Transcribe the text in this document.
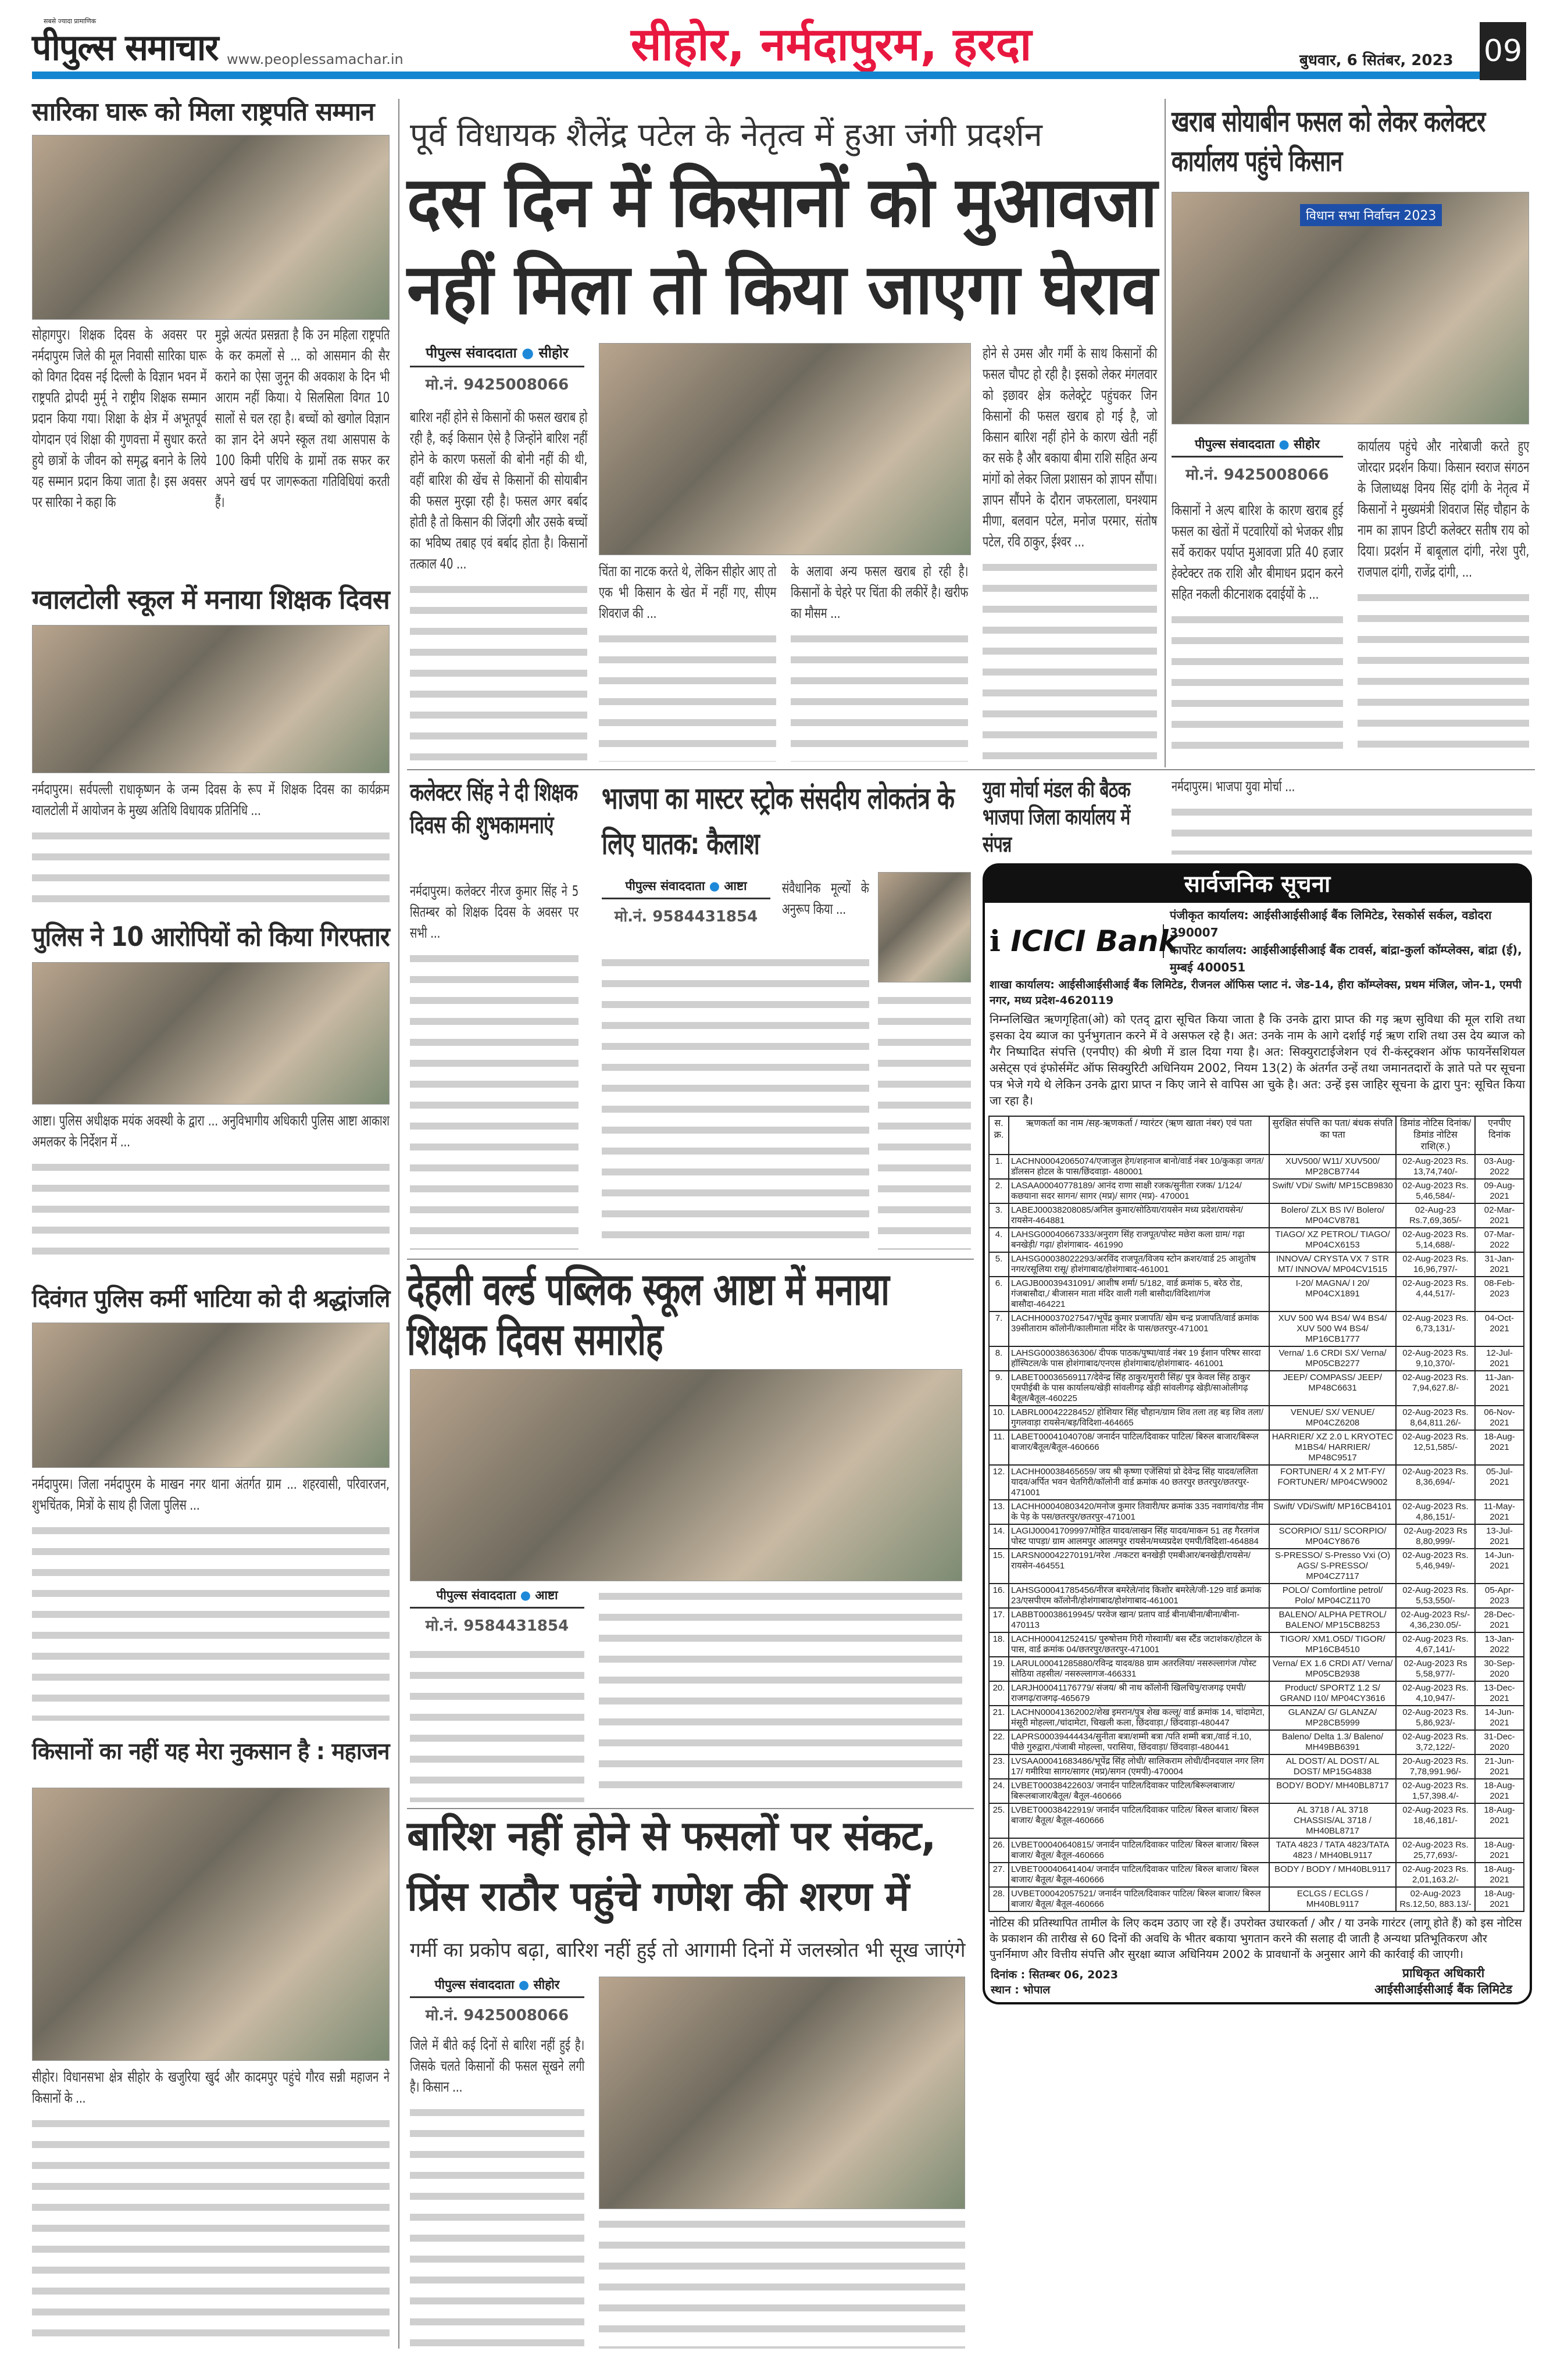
सबसे ज्यादा प्रामाणिक
पीपुल्स समाचार www.peoplessamachar.in	सीहोर, नर्मदापुरम, हरदा	बुधवार, 6 सितंबर, 2023 09
सारिका घारू को मिला राष्ट्रपति सम्मान
सोहागपुर। शिक्षक दिवस के अवसर पर नर्मदापुरम जिले की मूल निवासी सारिका घारू को विगत दिवस नई दिल्ली के विज्ञान भवन में राष्ट्रपति द्रोपदी मुर्मू ने राष्ट्रीय शिक्षक सम्मान प्रदान किया गया। शिक्षा के क्षेत्र में अभूतपूर्व योगदान एवं शिक्षा की गुणवत्ता में सुधार करते हुये छात्रों के जीवन को समृद्ध बनाने के लिये यह सम्मान प्रदान किया जाता है। इस अवसर पर सारिका ने कहा कि
मुझे अत्यंत प्रसन्नता है कि उन महिला राष्ट्रपति के कर कमलों से ... को आसमान की सैर कराने का ऐसा जुनून की अवकाश के दिन भी आराम नहीं किया। ये सिलसिला विगत 10 सालों से चल रहा है। बच्चों को खगोल विज्ञान का ज्ञान देने अपने स्कूल तथा आसपास के 100 किमी परिधि के ग्रामों तक सफर कर अपने खर्च पर जागरूकता गतिविधियां करती हैं।
ग्वालटोली स्कूल में मनाया शिक्षक दिवस
नर्मदापुरम। सर्वपल्ली राधाकृष्णन के जन्म दिवस के रूप में शिक्षक दिवस का कार्यक्रम ग्वालटोली में आयोजन के मुख्य अतिथि विधायक प्रतिनिधि ...
पुलिस ने 10 आरोपियों को किया गिरफ्तार
आष्टा। पुलिस अधीक्षक मयंक अवस्थी के द्वारा ... अनुविभागीय अधिकारी पुलिस आष्टा आकाश अमलकर के निर्देशन में ...
दिवंगत पुलिस कर्मी भाटिया को दी श्रद्धांजलि
नर्मदापुरम। जिला नर्मदापुरम के माखन नगर थाना अंतर्गत ग्राम ... शहरवासी, परिवारजन, शुभचिंतक, मित्रों के साथ ही जिला पुलिस ...
किसानों का नहीं यह मेरा नुकसान है : महाजन
सीहोर। विधानसभा क्षेत्र सीहोर के खजुरिया खुर्द और कादमपुर पहुंचे गौरव सन्नी महाजन ने किसानों के ...
पूर्व विधायक शैलेंद्र पटेल के नेतृत्व में हुआ जंगी प्रदर्शन
दस दिन में किसानों को मुआवजा
नहीं मिला तो किया जाएगा घेराव
पीपुल्स संवाददाता ● सीहोर
मो.नं. 9425008066
बारिश नहीं होने से किसानों की फसल खराब हो रही है, कई किसान ऐसे है जिन्होंने बारिश नहीं होने के कारण फसलों की बोनी नहीं की थी, वहीं बारिश की खेंच से किसानों की सोयाबीन की फसल मुरझा रही है। फसल अगर बर्बाद होती है तो किसान की जिंदगी और उसके बच्चों का भविष्य तबाह एवं बर्बाद होता है। किसानों तत्काल 40 ...	चिंता का नाटक करते थे, लेकिन सीहोर आए तो एक भी किसान के खेत में नहीं गए, सीएम शिवराज की ...
के अलावा अन्य फसल खराब हो रही है। किसानों के चेहरे पर चिंता की लकीरें है। खरीफ का मौसम ...
होने से उमस और गर्मी के साथ किसानों की फसल चौपट हो रही है। इसको लेकर मंगलवार को इछावर क्षेत्र कलेक्ट्रेट पहुंचकर जिन किसानों की फसल खराब हो गई है, जो किसान बारिश नहीं होने के कारण खेती नहीं कर सके है और बकाया बीमा राशि सहित अन्य मांगों को लेकर जिला प्रशासन को ज्ञापन सौंपा। ज्ञापन सौंपने के दौरान जफरलाला, घनश्याम मीणा, बलवान पटेल, मनोज परमार, संतोष पटेल, रवि ठाकुर, ईश्वर ...
खराब सोयाबीन फसल को लेकर कलेक्टर कार्यालय पहुंचे किसान
विधान सभा निर्वाचन 2023
पीपुल्स संवाददाता ● सीहोर
मो.नं. 9425008066
किसानों ने अल्प बारिश के कारण खराब हुई फसल का खेतों में पटवारियों को भेजकर शीघ्र सर्वे कराकर पर्याप्त मुआवजा प्रति 40 हजार हेक्टेक्टर तक राशि और बीमाधन प्रदान करने सहित नकली कीटनाशक दवाईयों के ...
कार्यालय पहुंचे और नारेबाजी करते हुए जोरदार प्रदर्शन किया। किसान स्वराज संगठन के जिलाध्यक्ष विनय सिंह दांगी के नेतृत्व में किसानों ने मुख्यमंत्री शिवराज सिंह चौहान के नाम का ज्ञापन डिप्टी कलेक्टर सतीष राय को दिया। प्रदर्शन में बाबूलाल दांगी, नरेश पुरी, राजपाल दांगी, राजेंद्र दांगी, ...
कलेक्टर सिंह ने दी शिक्षक दिवस की शुभकामनाएं
नर्मदापुरम। कलेक्टर नीरज कुमार सिंह ने 5 सितम्बर को शिक्षक दिवस के अवसर पर सभी ...
भाजपा का मास्टर स्ट्रोक संसदीय लोकतंत्र के लिए घातक: कैलाश
पीपुल्स संवाददाता ● आष्टा
मो.नं. 9584431854
संवैधानिक मूल्यों के अनुरूप किया ...
युवा मोर्चा मंडल की बैठक भाजपा जिला कार्यालय में संपन्न
नर्मदापुरम। भाजपा युवा मोर्चा ...
देहली वर्ल्ड पब्लिक स्कूल आष्टा में मनाया शिक्षक दिवस समारोह
पीपुल्स संवाददाता ● आष्टा
मो.नं. 9584431854
बारिश नहीं होने से फसलों पर संकट,
प्रिंस राठौर पहुंचे गणेश की शरण में
गर्मी का प्रकोप बढ़ा, बारिश नहीं हुई तो आगामी दिनों में जलस्त्रोत भी सूख जाएंगे
पीपुल्स संवाददाता ● सीहोर
मो.नं. 9425008066
जिले में बीते कई दिनों से बारिश नहीं हुई है। जिसके चलते किसानों की फसल सूखने लगी है। किसान ...
सार्वजनिक सूचना
ℹ ICICI Bank
पंजीकृत कार्यालय: आईसीआईसीआई बैंक लिमिटेड, रेसकोर्स सर्कल, वडोदरा 390007
कार्पोरेट कार्यालय: आईसीआईसीआई बैंक टावर्स, बांद्रा-कुर्ला कॉम्प्लेक्स, बांद्रा (ई), मुम्बई 400051
शाखा कार्यालय: आईसीआईसीआई बैंक लिमिटेड, रीजनल ऑफिस प्लाट नं. जेड-14, हीरा कॉम्प्लेक्स, प्रथम मंजिल, जोन-1, एमपी नगर, मध्य प्रदेश-4620119
निम्नलिखित ऋणगृहिता(ओ) को एतद् द्वारा सूचित किया जाता है कि उनके द्वारा प्राप्त की गइ ऋण सुविधा की मूल राशि तथा इसका देय ब्याज का पुर्नभुगतान करने में वे असफल रहे है। अत: उनके नाम के आगे दर्शाई गई ऋण राशि तथा उस देय ब्याज को गैर निष्पादित संपत्ति (एनपीए) की श्रेणी में डाल दिया गया है। अत: सिक्युराटाईजेशन एवं री-कंस्ट्रक्शन ऑफ फायनेंसशियल असेट्स एवं इंफोर्समेंट ऑफ सिक्युरिटी अधिनियम 2002, नियम 13(2) के अंतर्गत उन्हें तथा जमानतदारों के ज्ञाते पते पर सूचना पत्र भेजे गये थे लेकिन उनके द्वारा प्राप्त न किए जाने से वापिस आ चुके है। अत: उन्हें इस जाहिर सूचना के द्वारा पुन: सूचित किया जा रहा है।
स.क्र.	ऋणकर्ता का नाम /सह-ऋणकर्ता / ग्यारंटर (ऋण खाता नंबर) एवं पता	सुरक्षित संपत्ति का पता/ बंधक संपति का पता	डिमांड नोटिस दिनांक/ डिमांड नोटिस राशि(रु.)	एनपीए दिनांक
1.	LACHN00042065074/एजाजुल हेग/शहनाज बानो/वार्ड नंबर 10/कुकड़ा जगत/डॉलसन होटल के पास/छिंदवाड़ा- 480001	XUV500/ W11/ XUV500/ MP28CB7744	02-Aug-2023 Rs. 13,74,740/-	03-Aug-2022
2.	LASAA00040778189/ आनंद राणा साक्षी रजक/सुनीता रजक/ 1/124/ कछयाना सदर सागन/ सागर (मप्र)/ सागर (मप्र)- 470001	Swift/ VDi/ Swift/ MP15CB9830	02-Aug-2023 Rs. 5,46,584/-	09-Aug-2021
3.	LABEJ00038208085/अनिल कुमार/सोठिया/रायसेन मध्य प्रदेश/रायसेन/रायसेन-464881	Bolero/ ZLX BS IV/ Bolero/ MP04CV8781	02-Aug-23 Rs.7,69,365/-	02-Mar-2021
4.	LAHSG00040667333/अनुराग सिंह राजपूत/पोस्ट मछेरा कला ग्राम/ गढ़ा बनखेड़ी/ गढ़ा/ होशंगाबाद- 461990	TIAGO/ XZ PETROL/ TIAGO/ MP04CX6153	02-Aug-2023 Rs. 5,14,688/-	07-Mar-2022
5.	LAHSG00038022293/अरविंद राजपूत/विजय स्टोन क्रशर/वार्ड 25 आशुतोष नगर/रसूलिया रासू/ होशंगाबाद/होशंगाबाद-461001	INNOVA/ CRYSTA VX 7 STR MT/ INNOVA/ MP04CV1515	02-Aug-2023 Rs. 16,96,797/-	31-Jan-2021
6.	LAGJB00039431091/ आशीष शर्मा/ 5/182, वार्ड क्रमांक 5, बरेठ रोड, गंजबासौदा,/ बीजासन माता मंदिर वाली गली बासौदा/विदिशा/गंज बासौदा-464221	I-20/ MAGNA/ I 20/ MP04CX1891	02-Aug-2023 Rs. 4,44,517/-	08-Feb-2023
7.	LACHH00037027547/भूपेंद्र कुमार प्रजापति/ खेम चन्द्र प्रजापति/वार्ड क्रमांक 39सीताराम कॉलोनी/कालीमाता मंदिर के पास/छतरपुर-471001	XUV 500 W4 BS4/ W4 BS4/ XUV 500 W4 BS4/ MP16CB1777	02-Aug-2023 Rs. 6,73,131/-	04-Oct-2021
8.	LAHSG00038636306/ दीपक पाठक/पुष्पा/वार्ड नंबर 19 ईशान परिषर सारदा हॉस्पिटल/के पास होशंगाबाद/एनएस होशंगाबाद/होशंगाबाद- 461001	Verna/ 1.6 CRDI SX/ Verna/ MP05CB2277	02-Aug-2023 Rs. 9,10,370/-	12-Jul-2021
9.	LABET00036569117/देवेन्द्र सिंह ठाकुर/मुरारी सिंह/ पुत्र केवल सिंह ठाकुर एमपीईबी के पास कार्यालय/खेड़ी सांवलीगढ़ खेड़ी सांवलीगढ़ खेड़ी/साओलीगढ़ बैतूल/बैतूल-460225	JEEP/ COMPASS/ JEEP/ MP48C6631	02-Aug-2023 Rs. 7,94,627.8/-	11-Jan-2021
10.	LABRL00042228452/ होशियार सिंह चौहान/ग्राम शिव तला तह बड़ शिव तला/गुगलवाड़ा रायसेन/बड़/विदिशा-464665	VENUE/ SX/ VENUE/ MP04CZ6208	02-Aug-2023 Rs. 8,64,811.26/-	06-Nov-2021
11.	LABET00041040708/ जनार्दन पाटिल/दिवाकर पाटिल/ बिरुल बाजार/बिरूल बाजार/बैतूल/बैतूल-460666	HARRIER/ XZ 2.0 L KRYOTEC M1BS4/ HARRIER/ MP48C9517	02-Aug-2023 Rs. 12,51,585/-	18-Aug-2021
12.	LACHH00038465659/ जय श्री कृष्णा एजेंसियां प्रो देवेन्द्र सिंह यादव/ललिता यादव/अर्पित भवन चेतगिरी/कॉलोनी वार्ड क्रमांक 40 छतरपुर छतरपुर/छतरपुर- 471001	FORTUNER/ 4 X 2 MT-FY/ FORTUNER/ MP04CW9002	02-Aug-2023 Rs. 8,36,694/-	05-Jul-2021
13.	LACHH00040803420/मनोज कुमार तिवारी/घर क्रमांक 335 नवागांव/रोड नीम के पेड़ के पस/छतरपुर/छतरपुर-471001	Swift/ VDi/Swift/ MP16CB4101	02-Aug-2023 Rs. 4,86,151/-	11-May-2021
14.	LAGIJ00041709997/मोहित यादव/लाखन सिंह यादव/माकन 51 तह गैरतगंज पोस्ट पापड़ा/ ग्राम आलमपुर आलमपुर रायसेन/मध्यप्रदेश एमपी/विदिशा-464884	SCORPIO/ S11/ SCORPIO/ MP04CY8676	02-Aug-2023 Rs 8,80,999/-	13-Jul-2021
15.	LARSN00042270191/नरेश ./नकटरा बनखेड़ी एमबीआर/बनखेड़ी/रायसेन/रायसेन-464551	S-PRESSO/ S-Presso Vxi (O) AGS/ S-PRESSO/ MP04CZ7117	02-Aug-2023 Rs. 5,46,949/-	14-Jun-2021
16.	LAHSG00041785456/नीरज बमरेले/नांद किशोर बमरेले/जी-129 वार्ड क्रमांक 23/एसपीएम कॉलोनी/होशंगाबाद/होशंगाबाद-461001	POLO/ Comfortline petrol/ Polo/ MP04CZ1170	02-Aug-2023 Rs. 5,53,550/-	05-Apr-2023
17.	LABBT00038619945/ परवेज खान/ प्रताप वार्ड बीना/बीना/बीना/बीना- 470113	BALENO/ ALPHA PETROL/ BALENO/ MP15CB8253	02-Aug-2023 Rs/- 4,36,230.05/-	28-Dec-2021
18.	LACHH00041252415/ पुरुषोत्तम गिरी गोस्वामी/ बस स्टैंड जटाशंकर/होटल के पास, वार्ड क्रमांक 04/छतरपुर/छतरपुर-471001	TIGOR/ XM1.O5D/ TIGOR/ MP16CB4510	02-Aug-2023 Rs. 4,67,141/-	13-Jan-2022
19.	LARUL00041285880/रविन्द्र यादव/88 ग्राम अतरलिया/ नसरुल्लागंज /पोस्ट सोठिया तहसील/ नसरुल्लागज-466331	Verna/ EX 1.6 CRDI AT/ Verna/ MP05CB2938	02-Aug-2023 Rs 5,58,977/-	30-Sep-2020
20.	LARJH00041176779/ संजय/ श्री नाथ कॉलोनी खिलचिपु/राजगढ़ एमपी/राजगढ़/राजगढ़-465679	Product/ SPORTZ 1.2 S/ GRAND I10/ MP04CY3616	02-Aug-2023 Rs. 4,10,947/-	13-Dec-2021
21.	LACHN00041362002/शेख इमरान/पुत्र शेख कल्लू/ वार्ड क्रमांक 14, चांदामेटा, मंसूरी मोहल्ला,/चांदामेटा, चिखली कला, छिंदवाड़ा,/ छिंदवाड़ा-480447	GLANZA/ G/ GLANZA/ MP28CB5999	02-Aug-2023 Rs. 5,86,923/-	14-Jun-2021
22.	LAPRS00039444434/सुनीता बत्रा/शम्मी बत्रा /पति शम्मी बत्रा,/वार्ड नं.10, पीछे गुरुद्वारा,/पंजाबी मोहल्ला, परासिया, छिंदवाड़ा/ छिंदवाड़ा-480441	Baleno/ Delta 1.3/ Baleno/ MH49BB6391	02-Aug-2023 Rs. 3,72,122/-	31-Dec-2020
23.	LVSAA00041683486/भूपेंद्र सिंह लोधी/ सालिकराम लोधी/दीनदयाल नगर लिग 17/ गमीरिया सागर/सागर (मप्र)/सगन (एमपी)-470004	AL DOST/ AL DOST/ AL DOST/ MP15G4838	20-Aug-2023 Rs. 7,78,991.96/-	21-Jun-2021
24.	LVBET00038422603/ जनार्दन पाटिल/दिवाकर पाटिल/बिरूलबाजार/बिरूलबाजार/बैतूल/ बैतूल-460666	BODY/ BODY/ MH40BL8717	02-Aug-2023 Rs. 1,57,398.4/-	18-Aug-2021
25.	LVBET00038422919/ जनार्दन पाटिल/दिवाकर पाटिल/ बिरुल बाजार/ बिरुल बाजार/ बैतूल/ बैतूल-460666	AL 3718 / AL 3718 CHASSIS/AL 3718 / MH40BL8717	02-Aug-2023 Rs. 18,46,181/-	18-Aug-2021
26.	LVBET00040640815/ जनार्दन पाटिल/दिवाकर पाटिल/ बिरुल बाजार/ बिरुल बाजार/ बैतूल/ बैतूल-460666	TATA 4823 / TATA 4823/TATA 4823 / MH40BL9117	02-Aug-2023 Rs. 25,77,693/-	18-Aug-2021
27.	LVBET00040641404/ जनार्दन पाटिल/दिवाकर पाटिल/ बिरुल बाजार/ बिरुल बाजार/ बैतूल/ बैतूल-460666	BODY / BODY / MH40BL9117	02-Aug-2023 Rs. 2,01,163.2/-	18-Aug-2021
28.	UVBET00042057521/ जनार्दन पाटिल/दिवाकर पाटिल/ बिरुल बाजार/ बिरुल बाजार/ बैतूल/ बैतूल-460666	ECLGS / ECLGS / MH40BL9117	02-Aug-2023 Rs.12,50, 883.13/-	18-Aug-2021
नोटिस की प्रतिस्थापित तामील के लिए कदम उठाए जा रहे हैं। उपरोक्त उधारकर्ता / और / या उनके गारंटर (लागू होते हैं) को इस नोटिस के प्रकाशन की तारीख से 60 दिनों की अवधि के भीतर बकाया भुगतान करने की सलाह दी जाती है अन्यथा प्रतिभूतिकरण और पुनर्निमाण और वित्तीय संपत्ति और सुरक्षा ब्याज अधिनियम 2002 के प्रावधानों के अनुसार आगे की कार्रवाई की जाएगी।
दिनांक : सितम्बर 06, 2023
स्थान : भोपाल
प्राधिकृत अधिकारी
आईसीआईसीआई बैंक लिमिटेड
